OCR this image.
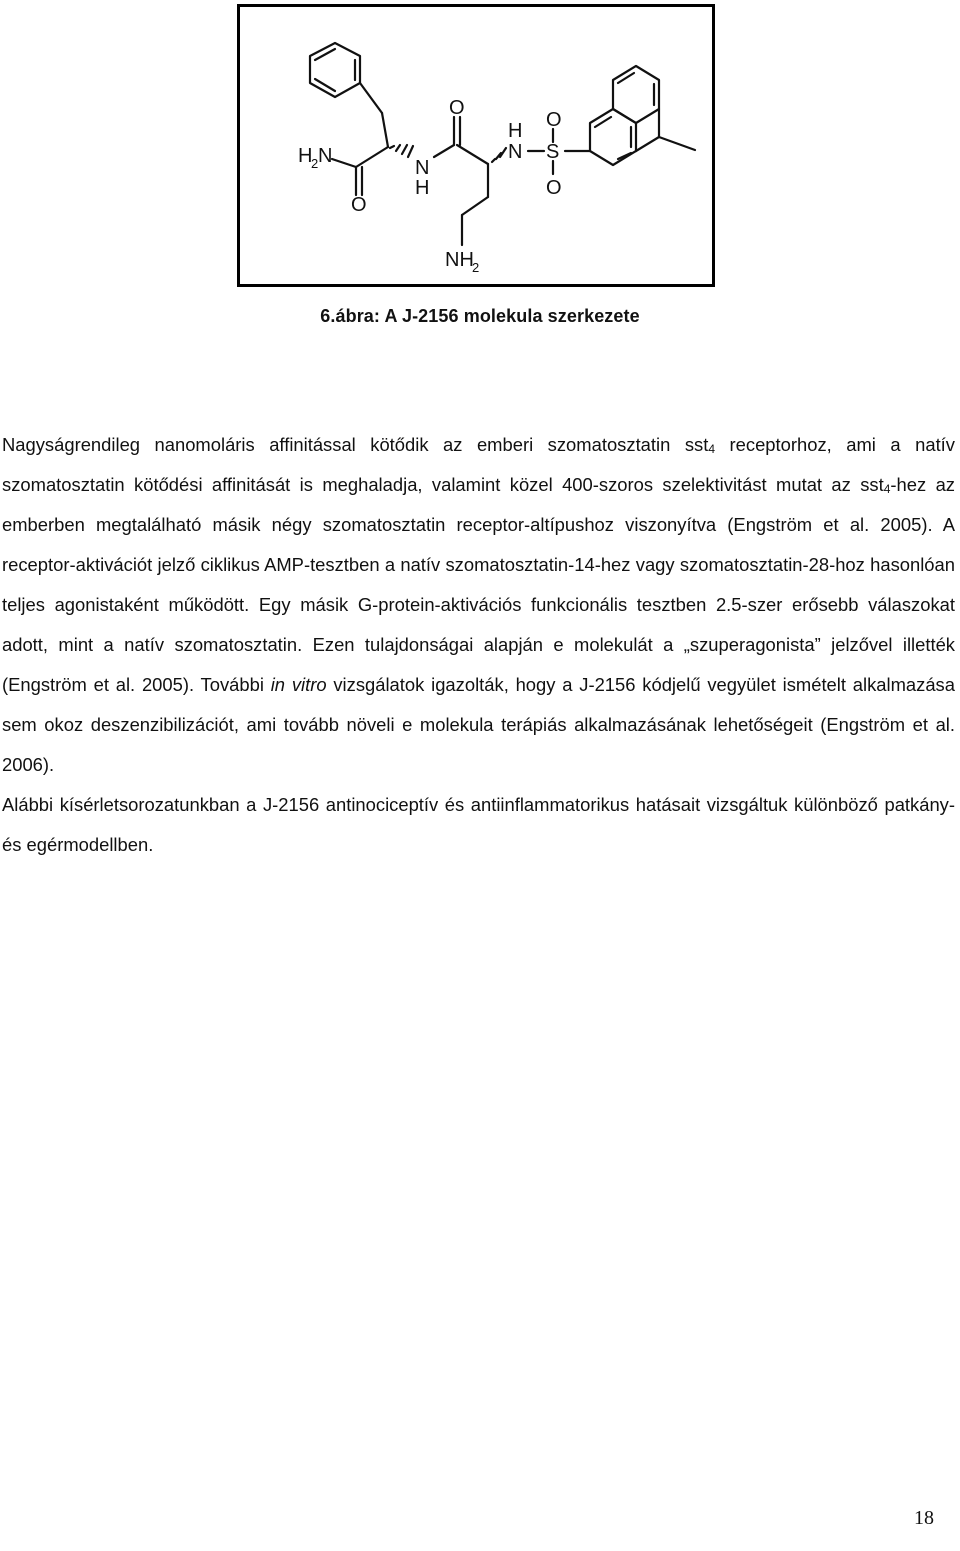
H
2 N
O
N
H
O
H
N S
O
O
NH
2
6.ábra: A J-2156 molekula szerkezete

Nagyságrendileg nanomoláris affinitással kötődik az emberi szomatosztatin sst$_4$ receptorhoz, ami a natív szomatosztatin kötődési affinitását is meghaladja, valamint közel 400-szoros szelektivitást mutat az sst$_4$-hez az emberben megtalálható másik négy szomatosztatin receptor-altípushoz viszonyítva (Engström et al. 2005). A receptor-aktivációt jelző ciklikus AMP-tesztben a natív szomatosztatin-14-hez vagy szomatosztatin-28-hoz hasonlóan teljes agonistaként működött. Egy másik G-protein-aktivációs funkcionális tesztben 2.5-szer erősebb válaszokat adott, mint a natív szomatosztatin. Ezen tulajdonságai alapján e molekulát a „szuperagonista” jelzővel illették (Engström et al. 2005). További in vitro vizsgálatok igazolták, hogy a J-2156 kódjelű vegyület ismételt alkalmazása sem okoz deszenzibilizációt, ami tovább növeli e molekula terápiás alkalmazásának lehetőségeit (Engström et al. 2006).

Alábbi kísérletsorozatunkban a J-2156 antinociceptív és antiinflammatorikus hatásait vizsgáltuk különböző patkány- és egérmodellben.

18
